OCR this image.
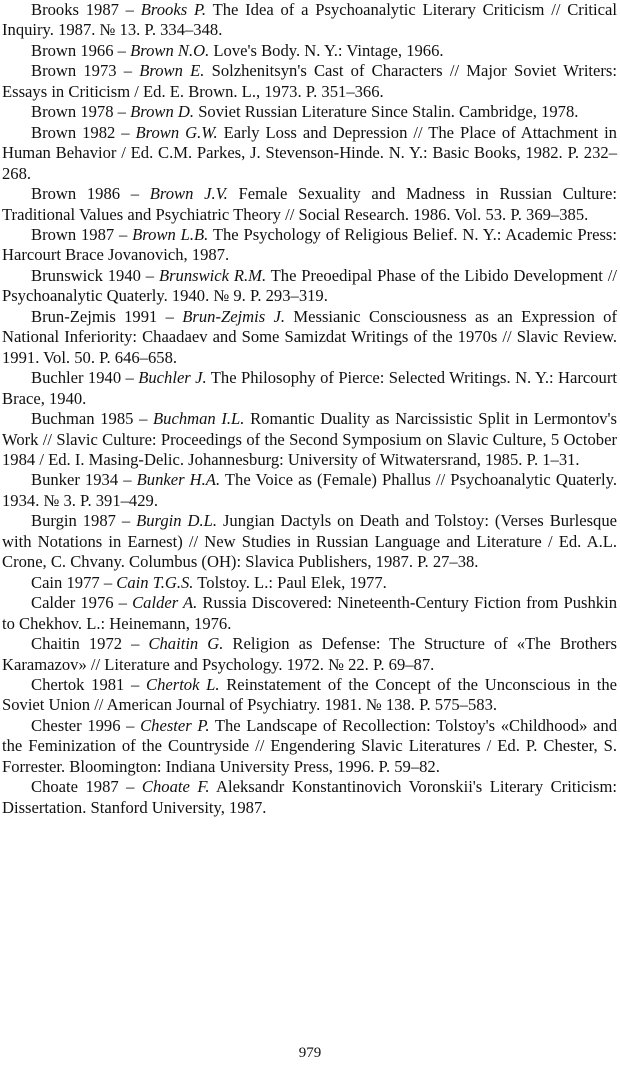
Brooks 1987 – Brooks P. The Idea of a Psychoanalytic Literary Criticism // Critical Inquiry. 1987. № 13. P. 334–348.

Brown 1966 – Brown N.O. Love's Body. N. Y.: Vintage, 1966.

Brown 1973 – Brown E. Solzhenitsyn's Cast of Characters // Major Soviet Writers: Essays in Criticism / Ed. E. Brown. L., 1973. P. 351–366.

Brown 1978 – Brown D. Soviet Russian Literature Since Stalin. Cambridge, 1978.

Brown 1982 – Brown G.W. Early Loss and Depression // The Place of Attachment in Human Behavior / Ed. C.M. Parkes, J. Stevenson-Hinde. N. Y.: Basic Books, 1982. P. 232–268.

Brown 1986 – Brown J.V. Female Sexuality and Madness in Russian Culture: Traditional Values and Psychiatric Theory // Social Research. 1986. Vol. 53. P. 369–385.

Brown 1987 – Brown L.B. The Psychology of Religious Belief. N. Y.: Academic Press: Harcourt Brace Jovanovich, 1987.

Brunswick 1940 – Brunswick R.M. The Preoedipal Phase of the Libido Development // Psychoanalytic Quaterly. 1940. № 9. P. 293–319.

Brun-Zejmis 1991 – Brun-Zejmis J. Messianic Consciousness as an Expression of National Inferiority: Chaadaev and Some Samizdat Writings of the 1970s // Slavic Review. 1991. Vol. 50. P. 646–658.

Buchler 1940 – Buchler J. The Philosophy of Pierce: Selected Writings. N. Y.: Harcourt Brace, 1940.

Buchman 1985 – Buchman I.L. Romantic Duality as Narcissistic Split in Lermontov's Work // Slavic Culture: Proceedings of the Second Symposium on Slavic Culture, 5 October 1984 / Ed. I. Masing-Delic. Johannesburg: University of Witwatersrand, 1985. P. 1–31.

Bunker 1934 – Bunker H.A. The Voice as (Female) Phallus // Psychoanalytic Quaterly. 1934. № 3. P. 391–429.

Burgin 1987 – Burgin D.L. Jungian Dactyls on Death and Tolstoy: (Verses Burlesque with Notations in Earnest) // New Studies in Russian Language and Literature / Ed. A.L. Crone, C. Chvany. Columbus (OH): Slavica Publishers, 1987. P. 27–38.

Cain 1977 – Cain T.G.S. Tolstoy. L.: Paul Elek, 1977.

Calder 1976 – Calder A. Russia Discovered: Nineteenth-Century Fiction from Pushkin to Chekhov. L.: Heinemann, 1976.

Chaitin 1972 – Chaitin G. Religion as Defense: The Structure of «The Brothers Karamazov» // Literature and Psychology. 1972. № 22. P. 69–87.

Chertok 1981 – Chertok L. Reinstatement of the Concept of the Unconscious in the Soviet Union // American Journal of Psychiatry. 1981. № 138. P. 575–583.

Chester 1996 – Chester P. The Landscape of Recollection: Tolstoy's «Childhood» and the Feminization of the Countryside // Engendering Slavic Literatures / Ed. P. Chester, S. Forrester. Bloomington: Indiana University Press, 1996. P. 59–82.

Choate 1987 – Choate F. Aleksandr Konstantinovich Voronskii's Literary Criticism: Dissertation. Stanford University, 1987.

979
